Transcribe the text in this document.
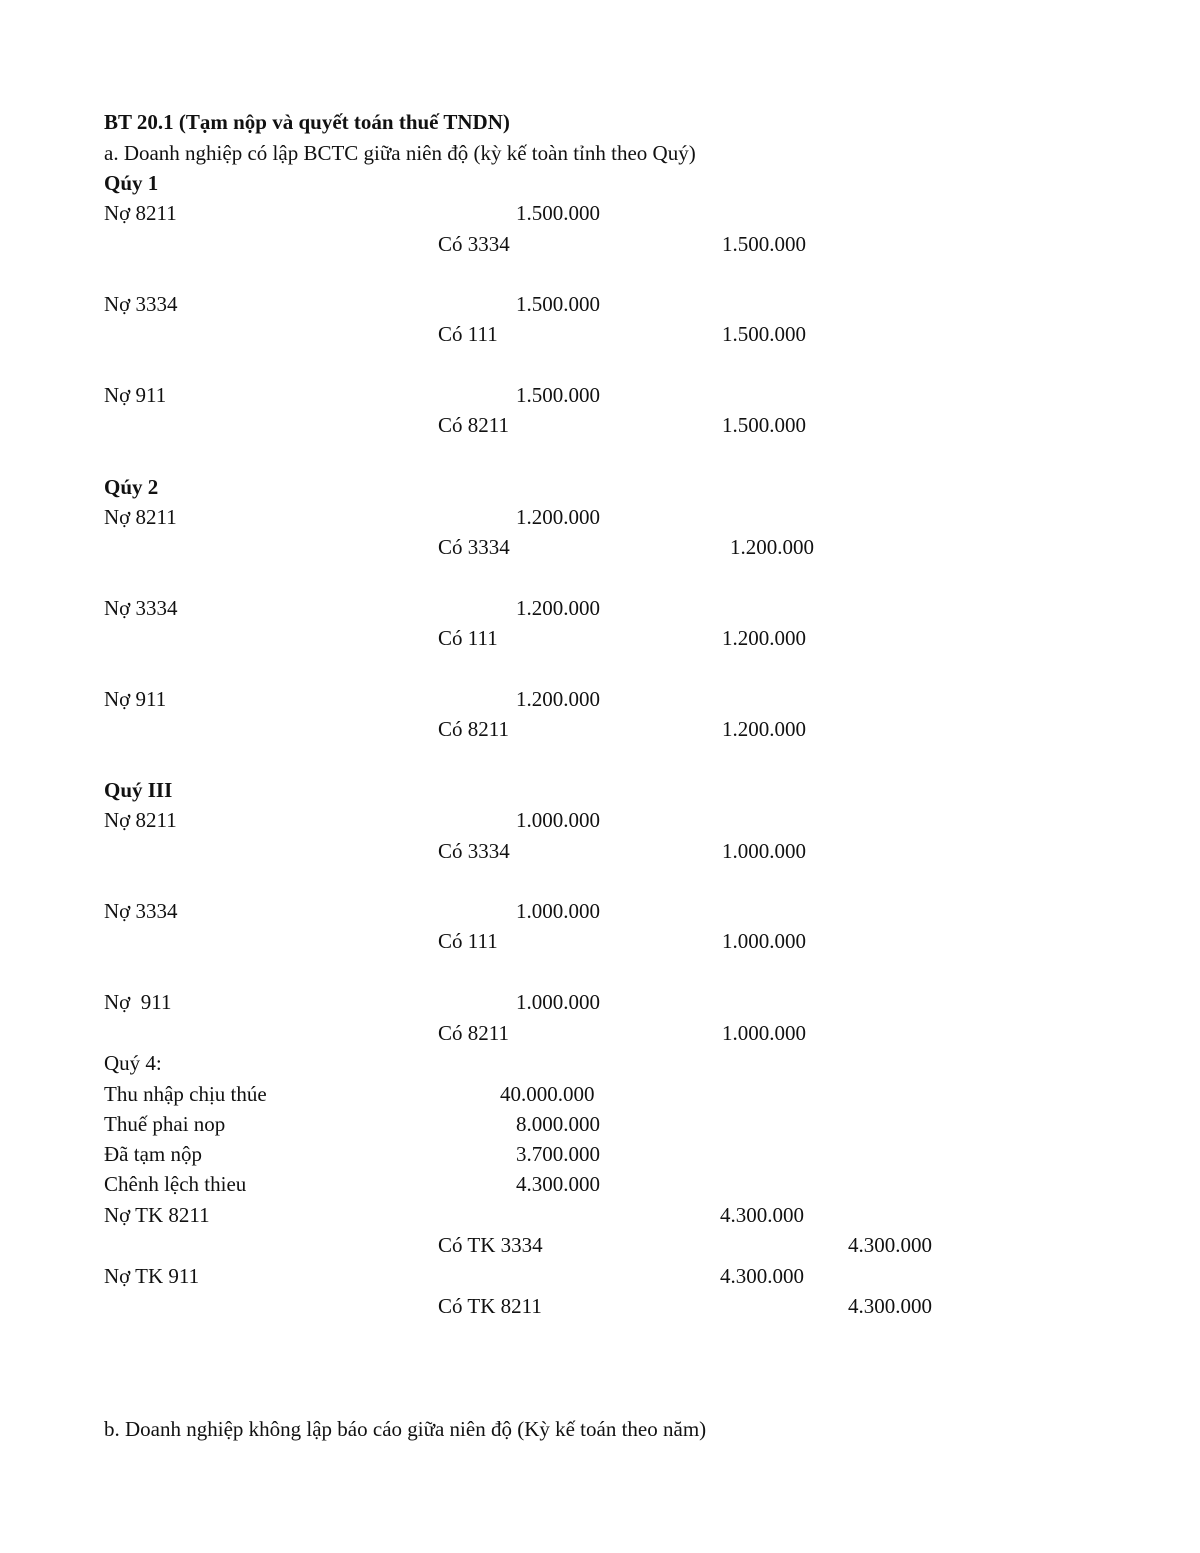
BT 20.1 (Tạm nộp và quyết toán thuế TNDN)
a. Doanh nghiệp có lập BCTC giữa niên độ (kỳ kế toàn tỉnh theo Quý)
Qúy 1
Nợ 8211	1.500.000
Có 3334	1.500.000
Nợ 3334	1.500.000
Có 111	1.500.000
Nợ 911	1.500.000
Có 8211	1.500.000
Qúy 2
Nợ 8211	1.200.000
Có 3334	1.200.000
Nợ 3334	1.200.000
Có 111	1.200.000
Nợ 911	1.200.000
Có 8211	1.200.000
Quý III
Nợ 8211	1.000.000
Có 3334	1.000.000
Nợ 3334	1.000.000
Có 111	1.000.000
Nợ  911	1.000.000
Có 8211	1.000.000
Quý 4:
Thu nhập chịu thúe	40.000.000
Thuế phai nop	8.000.000
Đã tạm nộp	3.700.000
Chênh lệch thieu	4.300.000
Nợ TK 8211	4.300.000
Có TK 3334	4.300.000
Nợ TK 911	4.300.000
Có TK 8211	4.300.000
b. Doanh nghiệp không lập báo cáo giữa niên độ (Kỳ kế toán theo năm)
